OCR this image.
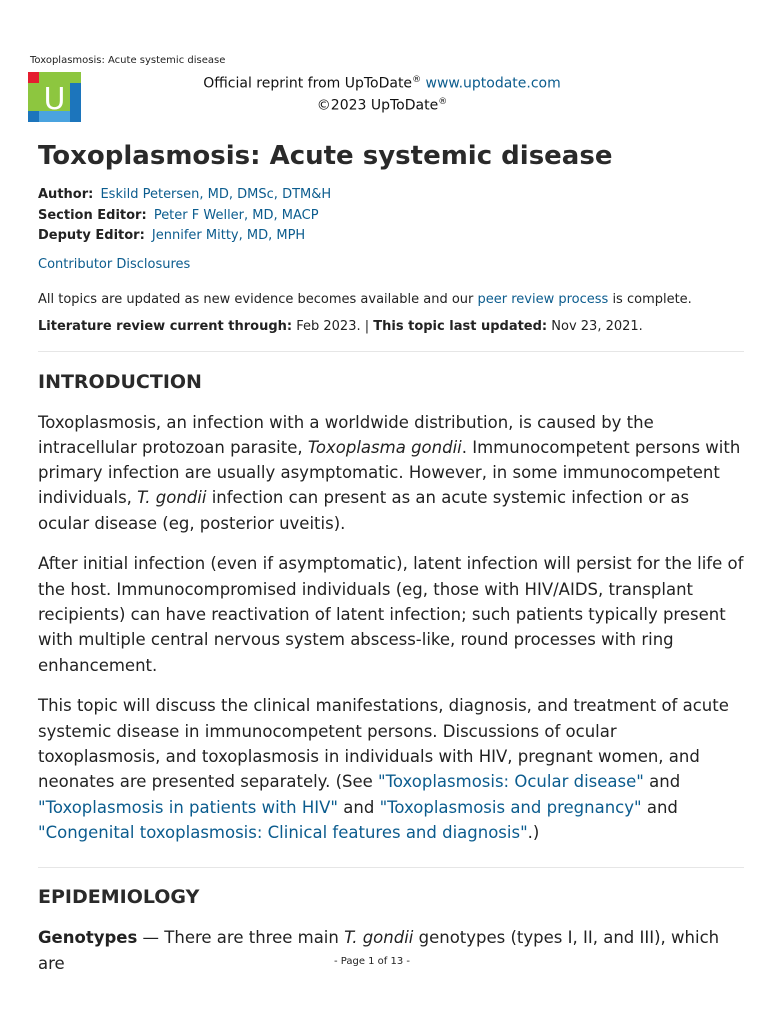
Toxoplasmosis: Acute systemic disease
U	Official reprint from UpToDate® www.uptodate.com
©2023 UpToDate®
Toxoplasmosis: Acute systemic disease
Author: Eskild Petersen, MD, DMSc, DTM&H
Section Editor: Peter F Weller, MD, MACP
Deputy Editor: Jennifer Mitty, MD, MPH
Contributor Disclosures
All topics are updated as new evidence becomes available and our peer review process is complete.
Literature review current through: Feb 2023. | This topic last updated: Nov 23, 2021.
INTRODUCTION

Toxoplasmosis, an infection with a worldwide distribution, is caused by the intracellular protozoan parasite, Toxoplasma gondii. Immunocompetent persons with primary infection are usually asymptomatic. However, in some immunocompetent individuals, T. gondii infection can present as an acute systemic infection or as ocular disease (eg, posterior uveitis).

After initial infection (even if asymptomatic), latent infection will persist for the life of the host. Immunocompromised individuals (eg, those with HIV/AIDS, transplant recipients) can have reactivation of latent infection; such patients typically present with multiple central nervous system abscess-like, round processes with ring enhancement.

This topic will discuss the clinical manifestations, diagnosis, and treatment of acute systemic disease in immunocompetent persons. Discussions of ocular toxoplasmosis, and toxoplasmosis in individuals with HIV, pregnant women, and neonates are presented separately. (See "Toxoplasmosis: Ocular disease" and "Toxoplasmosis in patients with HIV" and "Toxoplasmosis and pregnancy" and "Congenital toxoplasmosis: Clinical features and diagnosis".)

EPIDEMIOLOGY

Genotypes — There are three main T. gondii genotypes (types I, II, and III), which are	- Page 1 of 13 -
